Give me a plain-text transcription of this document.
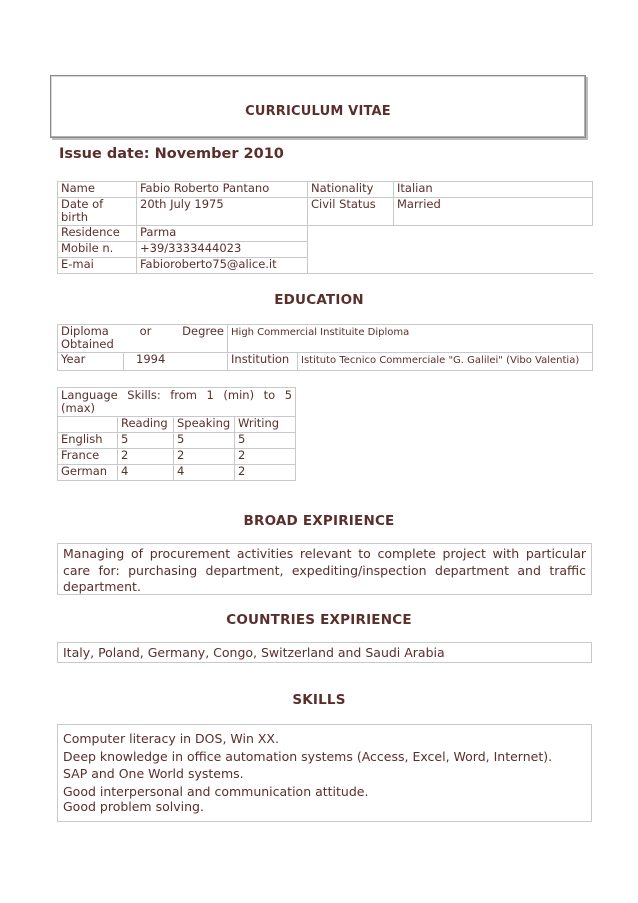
CURRICULUM VITAE
Issue date: November 2010
Name	Fabio Roberto Pantano	Nationality	Italian
Date of
birth	20th July 1975	Civil Status	Married
Residence	Parma		
Mobile n.	+39/3333444023		
E-mai	Fabioroberto75@alice.it		
EDUCATION
Diploma or Degree
Obtained		High Commercial Instituite Diploma	
Year	1994	Institution	Istituto Tecnico Commerciale "G. Galilei" (Vibo Valentia)
Language Skills: from 1 (min) to 5
(max)			

	Reading	Speaking	Writing
English	5	5	5
France	2	2	2
German	4	4	2
BROAD EXPIRIENCE
Managing of procurement activities relevant to complete project with particular
care for: purchasing department, expediting/inspection department and traffic
department.
COUNTRIES EXPIRIENCE
Italy, Poland, Germany, Congo, Switzerland and Saudi Arabia
SKILLS
Computer literacy in DOS, Win XX.
Deep knowledge in office automation systems (Access, Excel, Word, Internet).
SAP and One World systems.
Good interpersonal and communication attitude.
Good problem solving.
